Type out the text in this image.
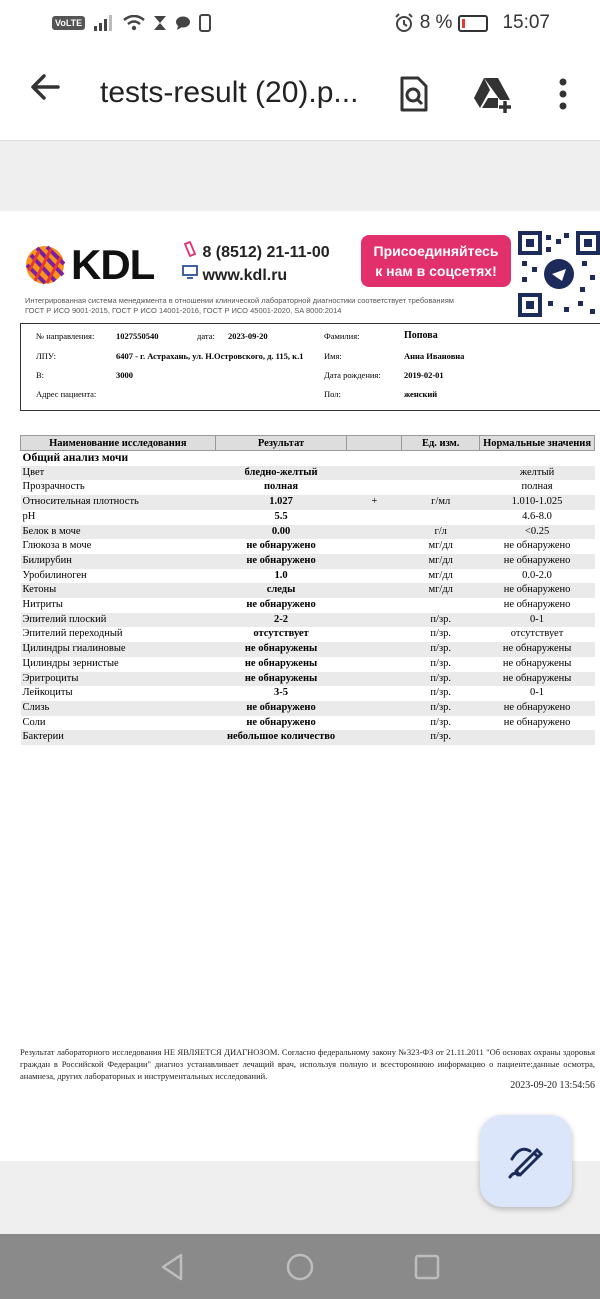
VoLTE	8 %	15:07
tests-result (20).p...
KDL	8 (8512) 21-11-00
www.kdl.ru
Присоединяйтесь
к нам в соцсетях!
Интегрированная система менеджмента в отношении клинической лабораторной диагностики соответствует требованиям
ГОСТ Р ИСО 9001-2015, ГОСТ Р ИСО 14001-2016, ГОСТ Р ИСО 45001-2020, SA 8000:2014
№ направления:	1027550540	дата: 2023-09-20	Фамилия:	Попова
ЛПУ:	6407 - г. Астрахань, ул. Н.Островского, д. 115, к.1 Имя:	Анна Ивановна
В:	3000	Дата рождения:	2019-02-01
Адрес пациента:	Пол:	женский
Наименование исследования	Результат		Ед. изм.	Нормальные значения
Общий анализ мочи				
Цвет	бледно-желтый			желтый
Прозрачность	полная			полная
Относительная плотность	1.027	+	г/мл	1.010-1.025
pH	5.5			4.6-8.0
Белок в моче	0.00		г/л	<0.25
Глюкоза в моче	не обнаружено		мг/дл	не обнаружено
Билирубин	не обнаружено		мг/дл	не обнаружено
Уробилиноген	1.0		мг/дл	0.0-2.0
Кетоны	следы		мг/дл	не обнаружено
Нитриты	не обнаружено			не обнаружено
Эпителий плоский	2-2		п/зр.	0-1
Эпителий переходный	отсутствует		п/зр.	отсутствует
Цилиндры гиалиновые	не обнаружены		п/зр.	не обнаружены
Цилиндры зернистые	не обнаружены		п/зр.	не обнаружены
Эритроциты	не обнаружены		п/зр.	не обнаружены
Лейкоциты	3-5		п/зр.	0-1
Слизь	не обнаружено		п/зр.	не обнаружено
Соли	не обнаружено		п/зр.	не обнаружено
Бактерии	небольшое количество		п/зр.	
Результат лабораторного исследования НЕ ЯВЛЯЕТСЯ ДИАГНОЗОМ. Согласно федеральному закону №323-ФЗ от 21.11.2011 "Об основах охраны здоровья граждан в Российской Федерации" диагноз устанавливает лечащий врач, используя полную и всестороннюю информацию о пациенте:данные осмотра, анамнеза, других лабораторных и инструментальных исследований.
2023-09-20 13:54:56
